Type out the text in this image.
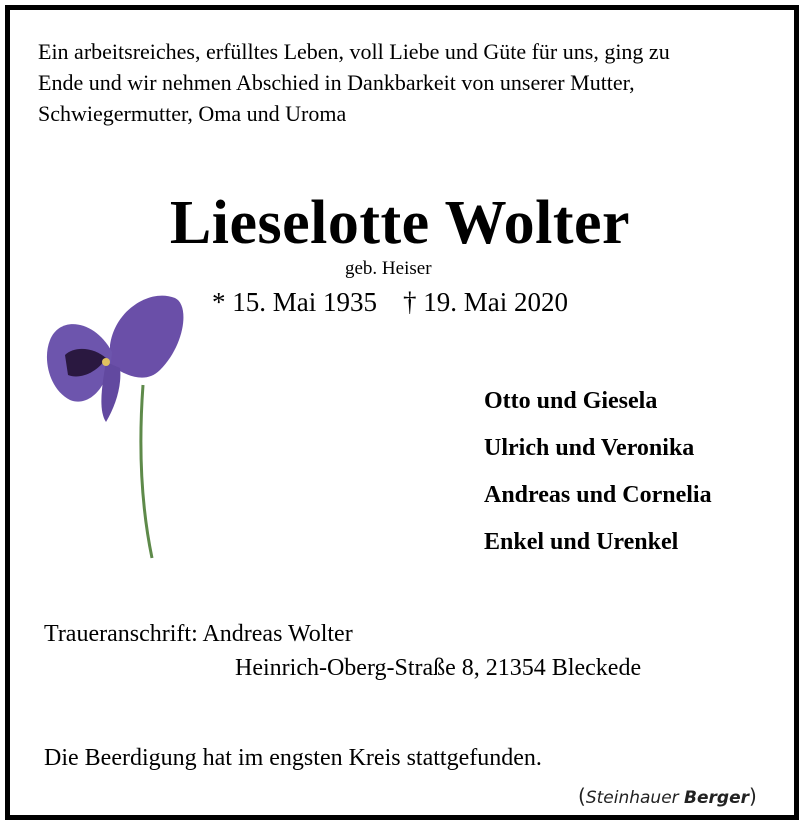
Ein arbeitsreiches, erfülltes Leben, voll Liebe und Güte für uns, ging zu
Ende und wir nehmen Abschied in Dankbarkeit von unserer Mutter,
Schwiegermutter, Oma und Uroma
Lieselotte Wolter
geb. Heiser
* 15. Mai 1935 † 19. Mai 2020
Otto und Giesela
Ulrich und Veronika
Andreas und Cornelia
Enkel und Urenkel
Traueranschrift: Andreas Wolter
Heinrich-Oberg-Straße 8, 21354 Bleckede
Die Beerdigung hat im engsten Kreis stattgefunden.
(Steinhauer Berger)
